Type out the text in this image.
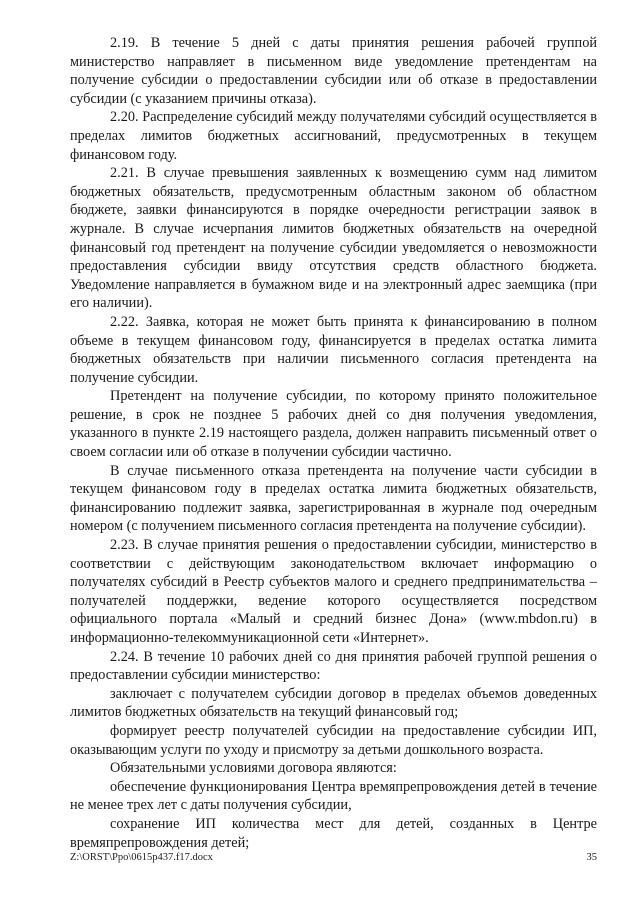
2.19. В течение 5 дней с даты принятия решения рабочей группой министерство направляет в письменном виде уведомление претендентам на получение субсидии о предоставлении субсидии или об отказе в предоставлении субсидии (с указанием причины отказа).

2.20. Распределение субсидий между получателями субсидий осуществляется в пределах лимитов бюджетных ассигнований, предусмотренных в текущем финансовом году.

2.21. В случае превышения заявленных к возмещению сумм над лимитом бюджетных обязательств, предусмотренным областным законом об областном бюджете, заявки финансируются в порядке очередности регистрации заявок в журнале. В случае исчерпания лимитов бюджетных обязательств на очередной финансовый год претендент на получение субсидии уведомляется о невозможности предоставления субсидии ввиду отсутствия средств областного бюджета. Уведомление направляется в бумажном виде и на электронный адрес заемщика (при его наличии).

2.22. Заявка, которая не может быть принята к финансированию в полном объеме в текущем финансовом году, финансируется в пределах остатка лимита бюджетных обязательств при наличии письменного согласия претендента на получение субсидии.

Претендент на получение субсидии, по которому принято положительное решение, в срок не позднее 5 рабочих дней со дня получения уведомления, указанного в пункте 2.19 настоящего раздела, должен направить письменный ответ о своем согласии или об отказе в получении субсидии частично.

В случае письменного отказа претендента на получение части субсидии в текущем финансовом году в пределах остатка лимита бюджетных обязательств, финансированию подлежит заявка, зарегистрированная в журнале под очередным номером (с получением письменного согласия претендента на получение субсидии).

2.23. В случае принятия решения о предоставлении субсидии, министерство в соответствии с действующим законодательством включает информацию о получателях субсидий в Реестр субъектов малого и среднего предпринимательства – получателей поддержки, ведение которого осуществляется посредством официального портала «Малый и средний бизнес Дона» (www.mbdon.ru) в информационно-телекоммуникационной сети «Интернет».

2.24. В течение 10 рабочих дней со дня принятия рабочей группой решения о предоставлении субсидии министерство:

заключает с получателем субсидии договор в пределах объемов доведенных лимитов бюджетных обязательств на текущий финансовый год;

формирует реестр получателей субсидии на предоставление субсидии ИП, оказывающим услуги по уходу и присмотру за детьми дошкольного возраста.

Обязательными условиями договора являются:

обеспечение функционирования Центра времяпрепровождения детей в течение не менее трех лет с даты получения субсидии,

сохранение ИП количества мест для детей, созданных в Центре времяпрепровождения детей;

Z:\ORST\Ppo\0615p437.f17.docx	35
